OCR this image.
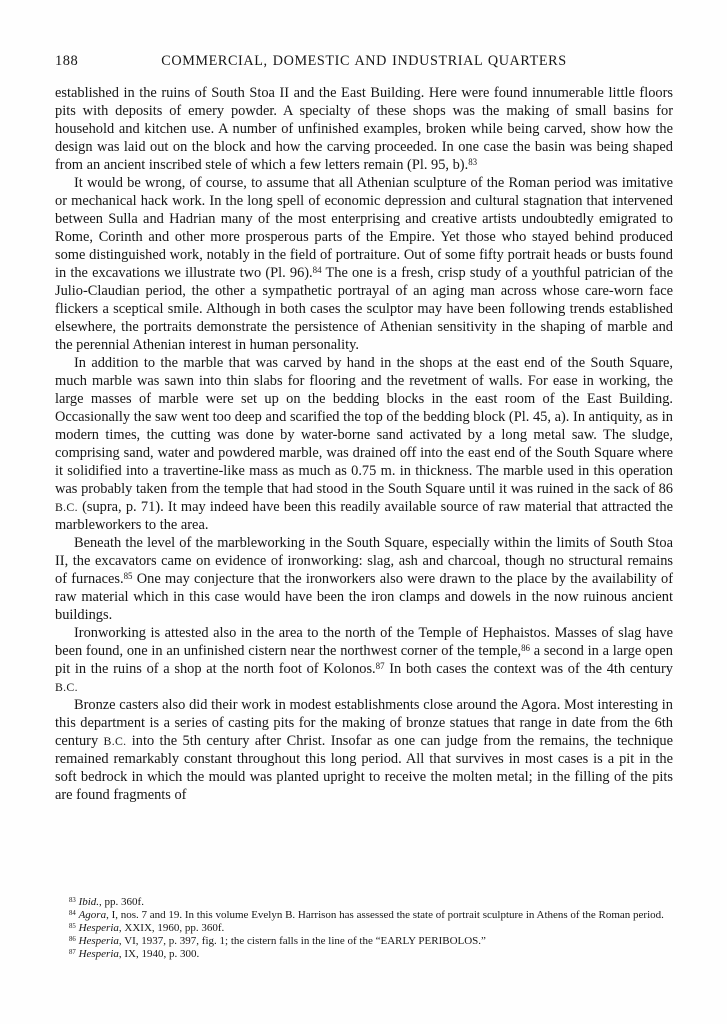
188	COMMERCIAL, DOMESTIC AND INDUSTRIAL QUARTERS

established in the ruins of South Stoa II and the East Building. Here were found innumerable little floors pits with deposits of emery powder. A specialty of these shops was the making of small basins for household and kitchen use. A number of unfinished examples, broken while being carved, show how the design was laid out on the block and how the carving proceeded. In one case the basin was being shaped from an ancient inscribed stele of which a few letters remain (Pl. 95, b).$^{83}$

It would be wrong, of course, to assume that all Athenian sculpture of the Roman period was imitative or mechanical hack work. In the long spell of economic depression and cultural stagnation that intervened between Sulla and Hadrian many of the most enterprising and creative artists undoubtedly emigrated to Rome, Corinth and other more prosperous parts of the Empire. Yet those who stayed behind produced some distinguished work, notably in the field of portraiture. Out of some fifty portrait heads or busts found in the excavations we illustrate two (Pl. 96).$^{84}$ The one is a fresh, crisp study of a youthful patrician of the Julio-Claudian period, the other a sympathetic portrayal of an aging man across whose care-worn face flickers a sceptical smile. Although in both cases the sculptor may have been following trends established elsewhere, the portraits demonstrate the persistence of Athenian sensitivity in the shaping of marble and the perennial Athenian interest in human personality.

In addition to the marble that was carved by hand in the shops at the east end of the South Square, much marble was sawn into thin slabs for flooring and the revetment of walls. For ease in working, the large masses of marble were set up on the bedding blocks in the east room of the East Building. Occasionally the saw went too deep and scarified the top of the bedding block (Pl. 45, a). In antiquity, as in modern times, the cutting was done by water-borne sand activated by a long metal saw. The sludge, comprising sand, water and powdered marble, was drained off into the east end of the South Square where it solidified into a travertine-like mass as much as 0.75 m. in thickness. The marble used in this operation was probably taken from the temple that had stood in the South Square until it was ruined in the sack of 86 B.C. (supra, p. 71). It may indeed have been this readily available source of raw material that attracted the marbleworkers to the area.

Beneath the level of the marbleworking in the South Square, especially within the limits of South Stoa II, the excavators came on evidence of ironworking: slag, ash and charcoal, though no structural remains of furnaces.$^{85}$ One may conjecture that the ironworkers also were drawn to the place by the availability of raw material which in this case would have been the iron clamps and dowels in the now ruinous ancient buildings.

Ironworking is attested also in the area to the north of the Temple of Hephaistos. Masses of slag have been found, one in an unfinished cistern near the northwest corner of the temple,$^{86}$ a second in a large open pit in the ruins of a shop at the north foot of Kolonos.$^{87}$ In both cases the context was of the 4th century B.C.

Bronze casters also did their work in modest establishments close around the Agora. Most interesting in this department is a series of casting pits for the making of bronze statues that range in date from the 6th century B.C. into the 5th century after Christ. Insofar as one can judge from the remains, the technique remained remarkably constant throughout this long period. All that survives in most cases is a pit in the soft bedrock in which the mould was planted upright to receive the molten metal; in the filling of the pits are found fragments of

$^{83}$ Ibid., pp. 360f.

$^{84}$ Agora, I, nos. 7 and 19. In this volume Evelyn B. Harrison has assessed the state of portrait sculpture in Athens of the Roman period.

$^{85}$ Hesperia, XXIX, 1960, pp. 360f.

$^{86}$ Hesperia, VI, 1937, p. 397, fig. 1; the cistern falls in the line of the “EARLY PERIBOLOS.”

$^{87}$ Hesperia, IX, 1940, p. 300.
